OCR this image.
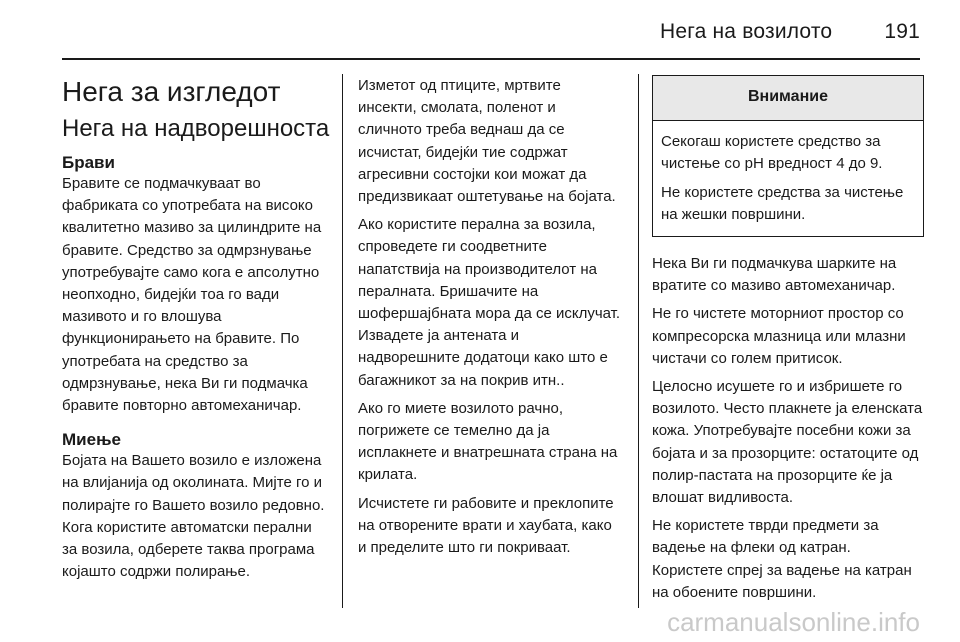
Нега на возилото 191
Нега за изгледот
Нега на надворешноста
Брави

Бравите се подмачкуваат во фабриката со употребата на високо квалитетно мазиво за цилиндрите на бравите. Средство за одмрзнување употребувајте само кога е апсолутно неопходно, бидејќи тоа го вади мазивото и го влошува функционирањето на бравите. По употребата на средство за одмрзнување, нека Ви ги подмачка бравите повторно автомеханичар.

Миење

Бојата на Вашето возило е изложена на влијанија од околината. Мијте го и полирајте го Вашето возило редовно. Кога користите автоматски перални за возила, одберете таква програма којашто содржи полирање.

Изметот од птиците, мртвите инсекти, смолата, поленот и сличното треба веднаш да се исчистат, бидејќи тие содржат агресивни состојки кои можат да предизвикаат оштетување на бојата.

Ако користите перална за возила, спроведете ги соодветните напатствија на производителот на пералната. Бришачите на шофершајбната мора да се исклучат. Извадете ја антената и надворешните додатоци како што е багажникот за на покрив итн..

Ако го миете возилото рачно, погрижете се темелно да ја исплакнете и внатрешната страна на крилата.

Исчистете ги рабовите и преклопите на отворените врати и хаубата, како и пределите што ги покриваат.

Внимание

Секогаш користете средство за чистење со pH вредност 4 до 9.

Не користете средства за чистење на жешки површини.

Нека Ви ги подмачкува шарките на вратите со мазиво автомеханичар.

Не го чистете моторниот простор со компресорска млазница или млазни чистачи со голем притисок.

Целосно исушете го и избришете го возилото. Често плакнете ја еленската кожа. Употребувајте посебни кожи за бојата и за прозорците: остатоците од полир-пастата на прозорците ќе ја влошат видливоста.

Не користете тврди предмети за вадење на флеки од катран. Користете спреј за вадење на катран на обоените површини.

carmanualsonline.info
